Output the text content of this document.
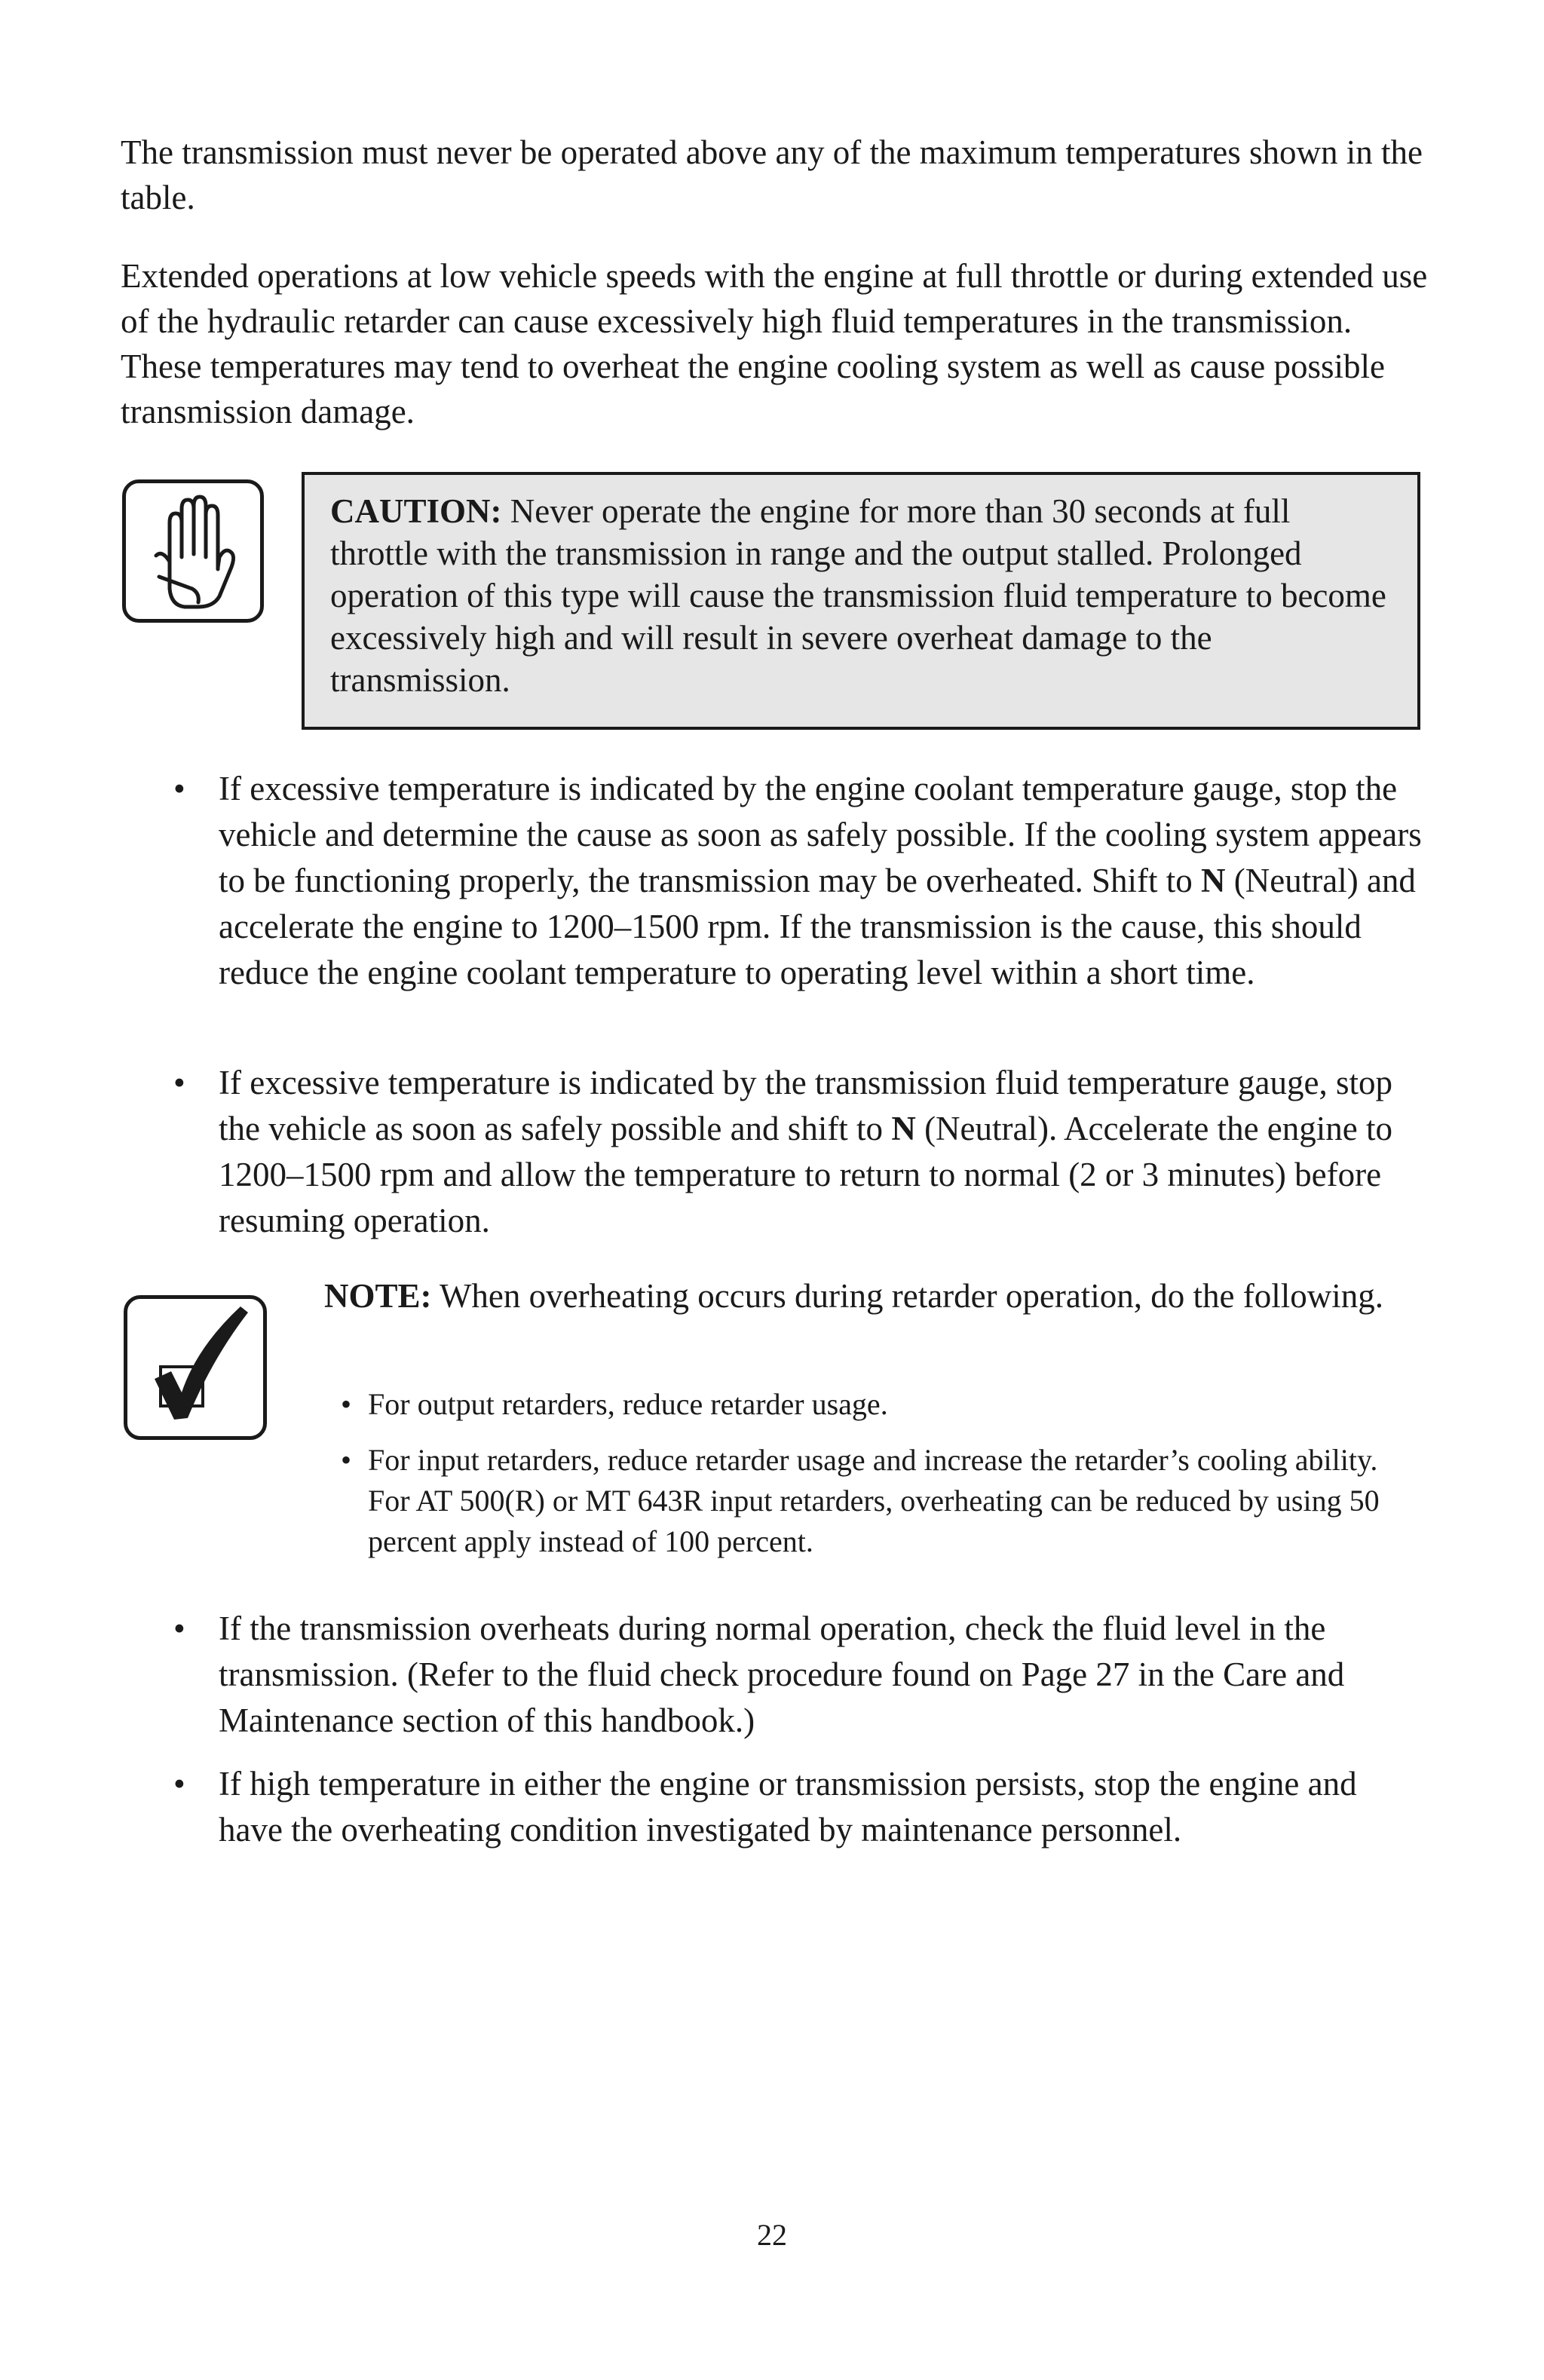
The transmission must never be operated above any of the maximum temperatures shown in the table.

Extended operations at low vehicle speeds with the engine at full throttle or during extended use of the hydraulic retarder can cause excessively high fluid temperatures in the transmission. These temperatures may tend to overheat the engine cooling system as well as cause possible transmission damage.

CAUTION: Never operate the engine for more than 30 seconds at full throttle with the transmission in range and the output stalled. Prolonged operation of this type will cause the transmission fluid temperature to become excessively high and will result in severe overheat damage to the transmission.
• If excessive temperature is indicated by the engine coolant temperature gauge, stop the vehicle and determine the cause as soon as safely possible. If the cooling system appears to be functioning properly, the transmission may be overheated. Shift to N (Neutral) and accelerate the engine to 1200–1500 rpm. If the transmission is the cause, this should reduce the engine coolant temperature to operating level within a short time.
• If excessive temperature is indicated by the transmission fluid temperature gauge, stop the vehicle as soon as safely possible and shift to N (Neutral). Accelerate the engine to 1200–1500 rpm and allow the temperature to return to normal (2 or 3 minutes) before resuming operation.
NOTE: When overheating occurs during retarder operation, do the following.
• For output retarders, reduce retarder usage.
• For input retarders, reduce retarder usage and increase the retarder’s cooling ability. For AT 500(R) or MT 643R input retarders, overheating can be reduced by using 50 percent apply instead of 100 percent.
• If the transmission overheats during normal operation, check the fluid level in the transmission. (Refer to the fluid check procedure found on Page 27 in the Care and Maintenance section of this handbook.)
• If high temperature in either the engine or transmission persists, stop the engine and have the overheating condition investigated by maintenance personnel.
22
